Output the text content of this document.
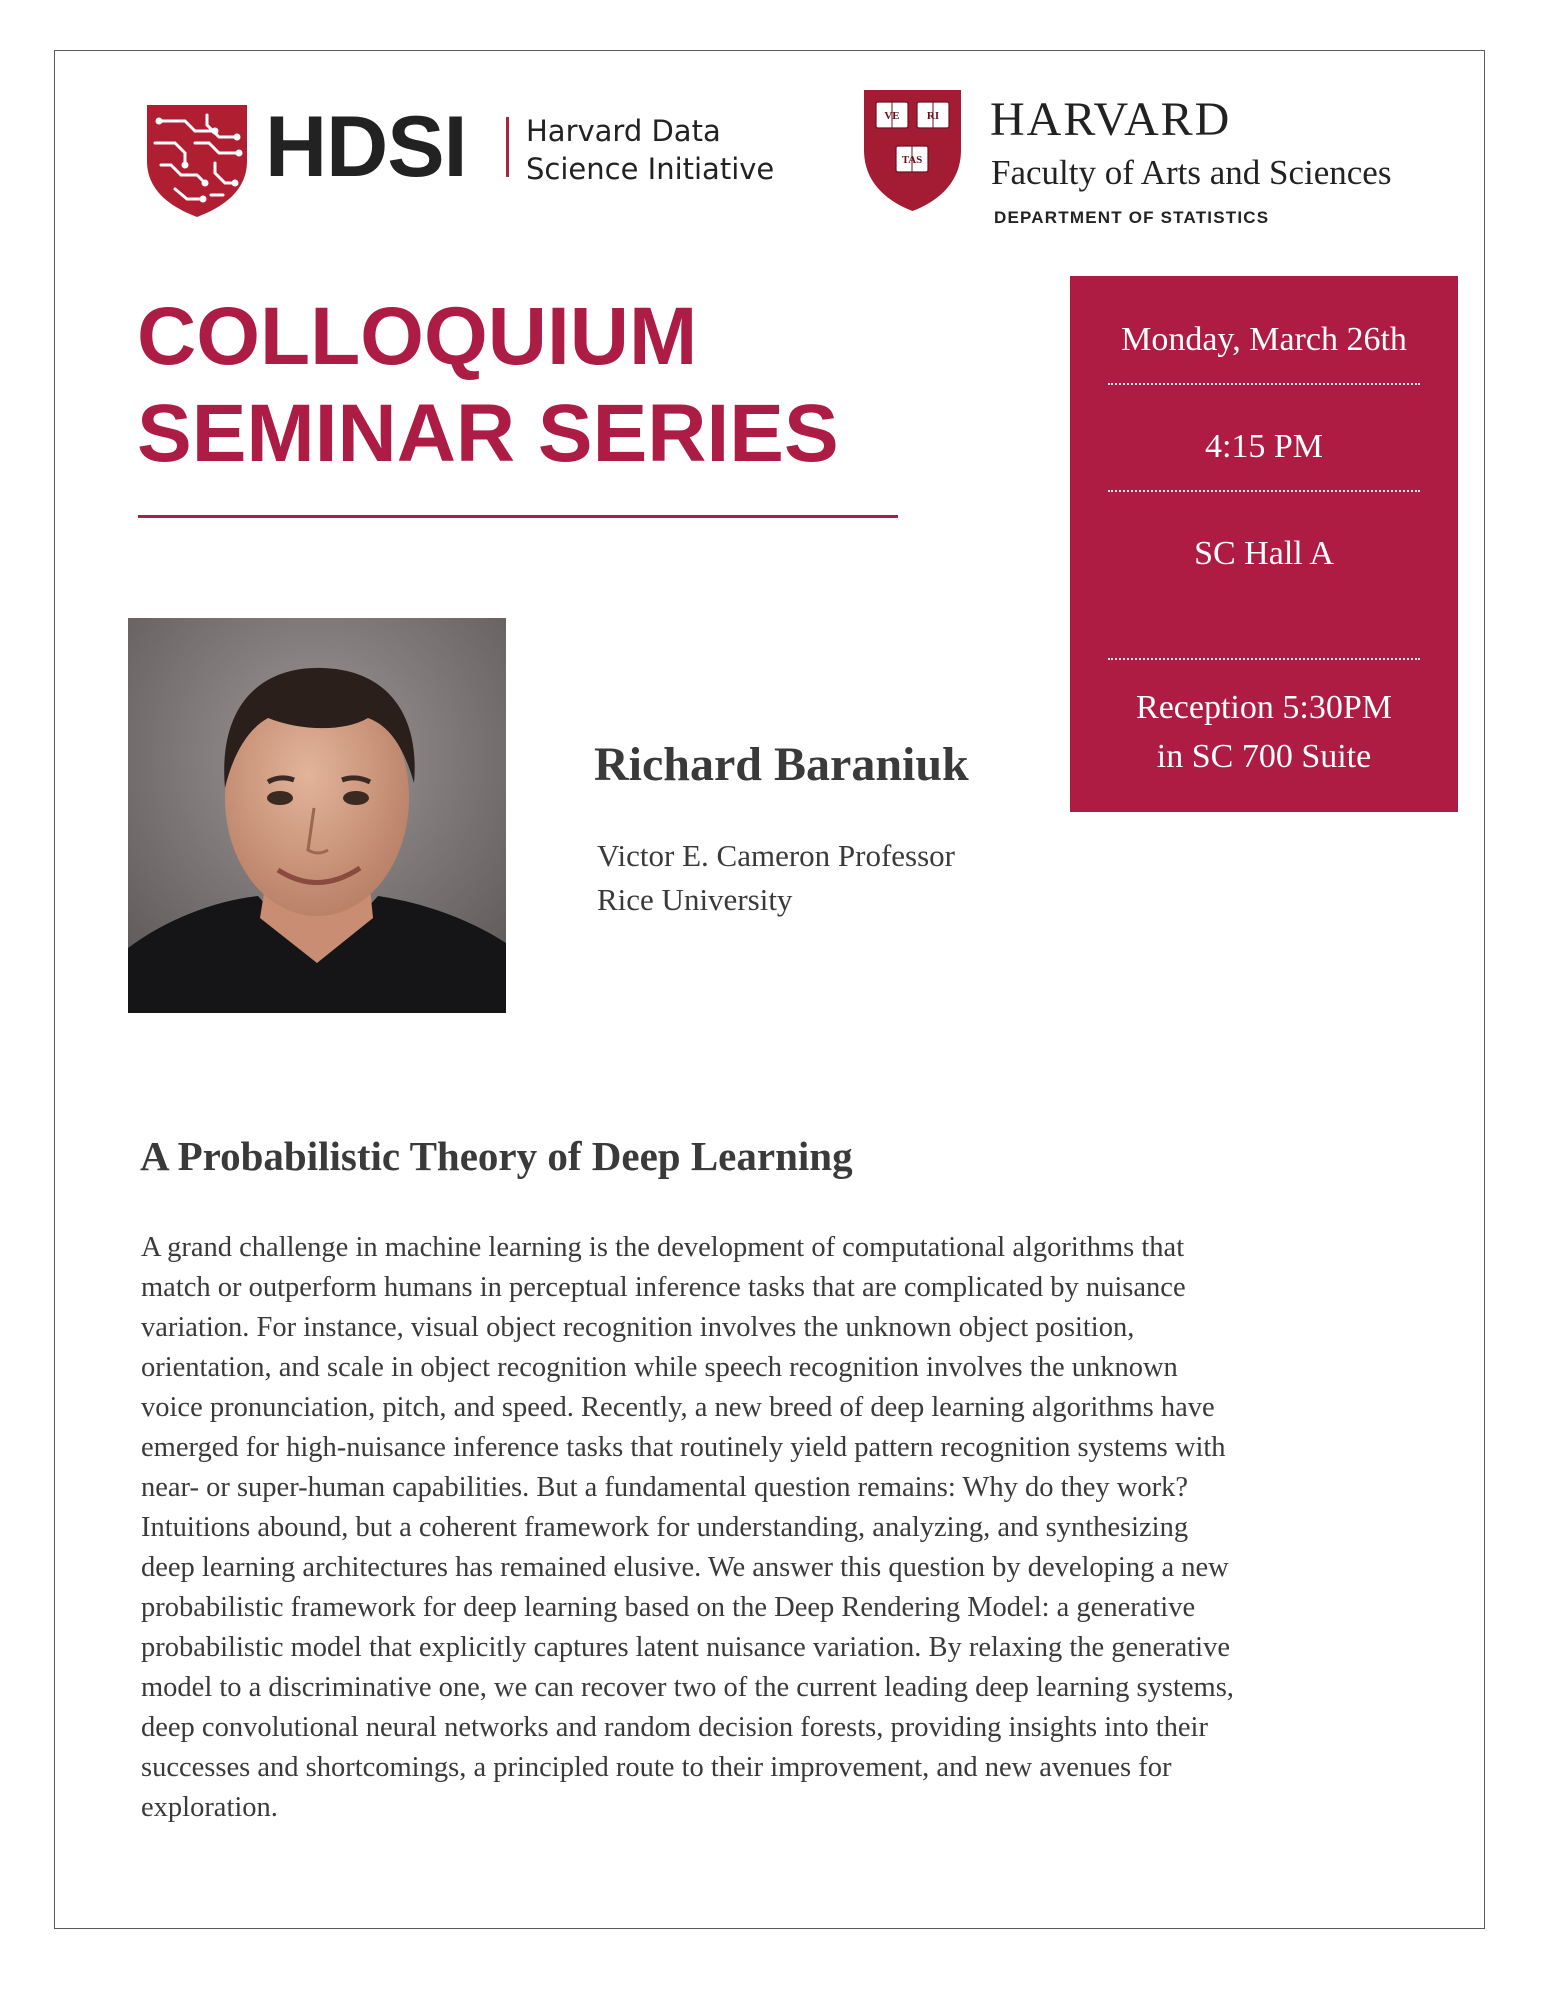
HDSI Harvard Data
Science Initiative
VE RI
TAS
HARVARD
Faculty of Arts and Sciences
DEPARTMENT OF STATISTICS
COLLOQUIUM
SEMINAR SERIES
Monday, March 26th
4:15 PM
SC Hall A
Reception 5:30PM
in SC 700 Suite
Richard Baraniuk
Victor E. Cameron Professor
Rice University
A Probabilistic Theory of Deep Learning
A grand challenge in machine learning is the development of computational algorithms that
match or outperform humans in perceptual inference tasks that are complicated by nuisance
variation. For instance, visual object recognition involves the unknown object position,
orientation, and scale in object recognition while speech recognition involves the unknown
voice pronunciation, pitch, and speed. Recently, a new breed of deep learning algorithms have
emerged for high-nuisance inference tasks that routinely yield pattern recognition systems with
near- or super-human capabilities. But a fundamental question remains: Why do they work?
Intuitions abound, but a coherent framework for understanding, analyzing, and synthesizing
deep learning architectures has remained elusive. We answer this question by developing a new
probabilistic framework for deep learning based on the Deep Rendering Model: a generative
probabilistic model that explicitly captures latent nuisance variation. By relaxing the generative
model to a discriminative one, we can recover two of the current leading deep learning systems,
deep convolutional neural networks and random decision forests, providing insights into their
successes and shortcomings, a principled route to their improvement, and new avenues for
exploration.
